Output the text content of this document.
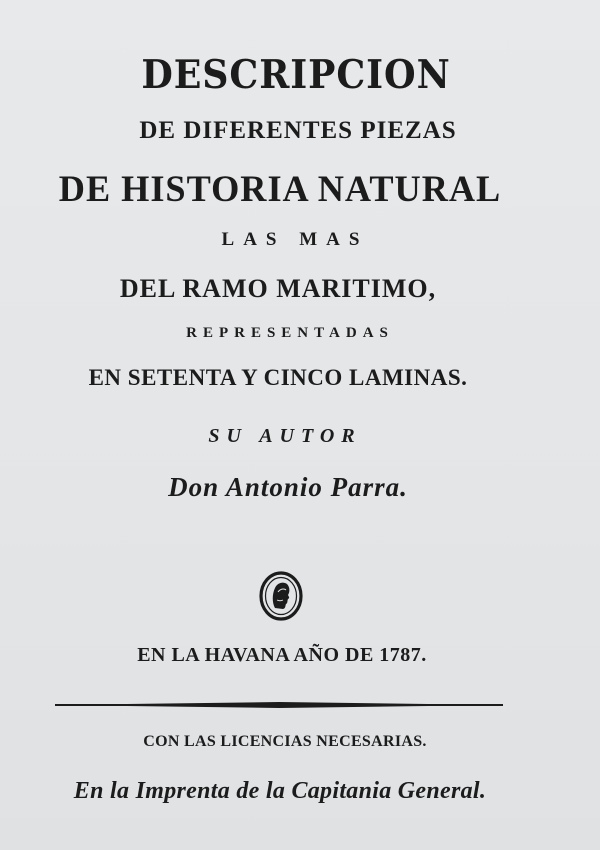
DESCRIPCION
DE DIFERENTES PIEZAS
DE HISTORIA NATURAL
LAS MAS
DEL RAMO MARITIMO,
REPRESENTADAS
EN SETENTA Y CINCO LAMINAS.
SU AUTOR
Don Antonio Parra.
EN LA HAVANA AÑO DE 1787.
CON LAS LICENCIAS NECESARIAS.
En la Imprenta de la Capitania General.
